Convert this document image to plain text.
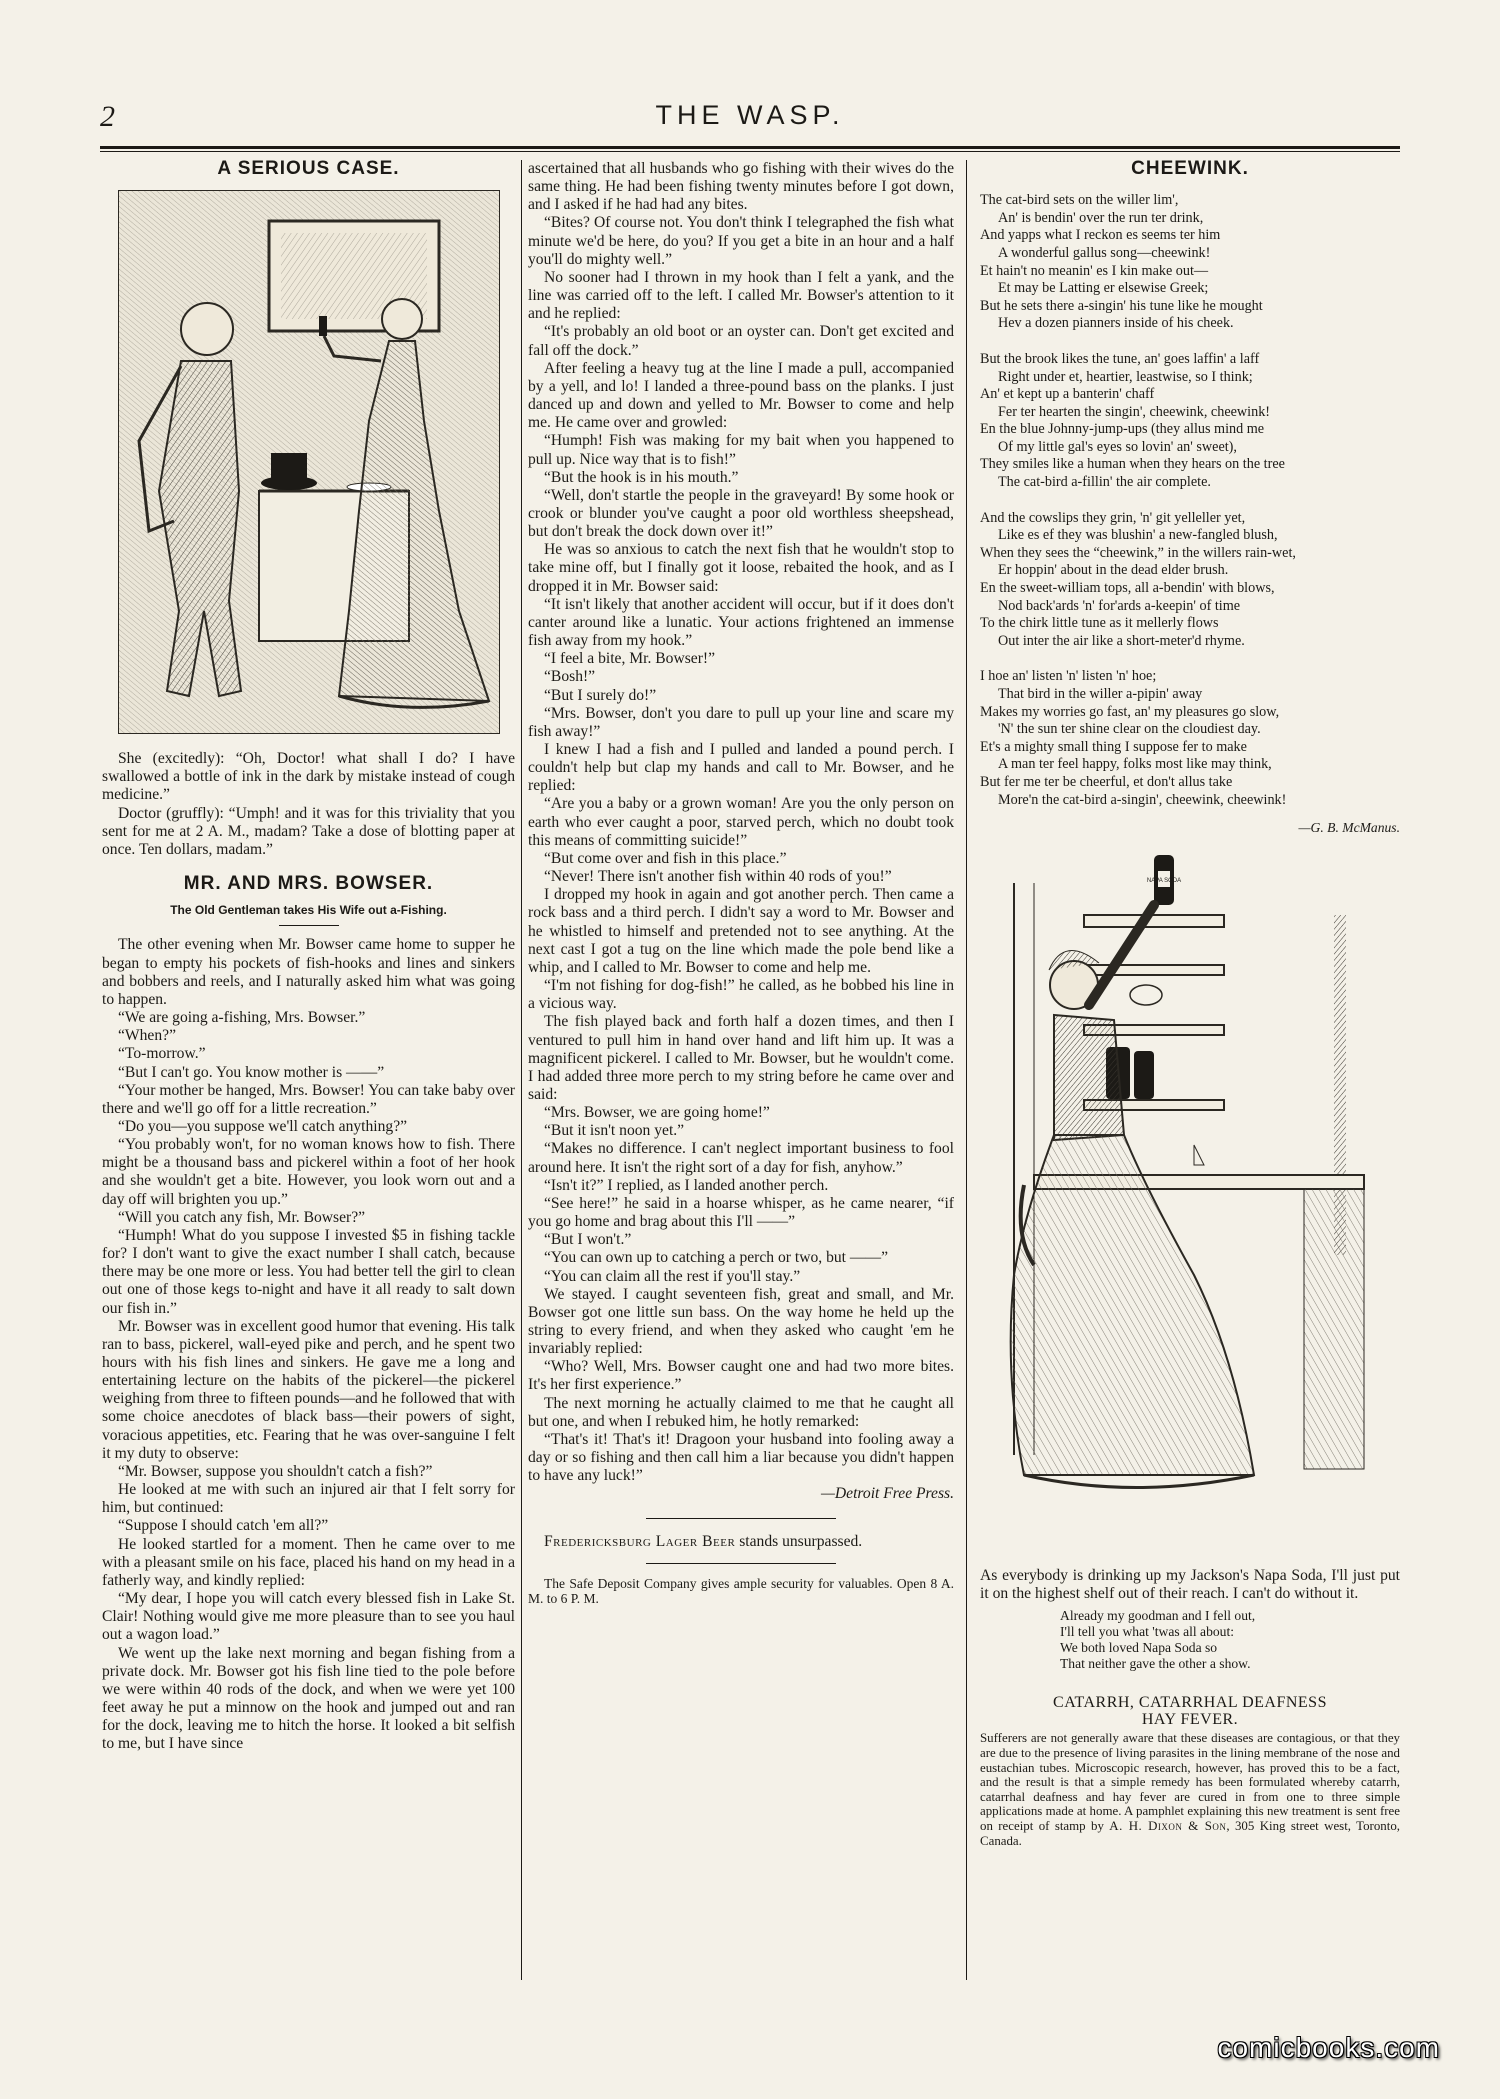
2	THE WASP.
A SERIOUS CASE.

She (excitedly): “Oh, Doctor! what shall I do? I have swallowed a bottle of ink in the dark by mistake instead of cough medicine.”

Doctor (gruffly): “Umph! and it was for this triviality that you sent for me at 2 A. M., madam? Take a dose of blotting paper at once. Ten dollars, madam.”

MR. AND MRS. BOWSER.
The Old Gentleman takes His Wife out a-Fishing.

The other evening when Mr. Bowser came home to supper he began to empty his pockets of fish-hooks and lines and sinkers and bobbers and reels, and I naturally asked him what was going to happen.

“We are going a-fishing, Mrs. Bowser.”

“When?”

“To-morrow.”

“But I can't go. You know mother is ——”

“Your mother be hanged, Mrs. Bowser! You can take baby over there and we'll go off for a little recreation.”

“Do you—you suppose we'll catch anything?”

“You probably won't, for no woman knows how to fish. There might be a thousand bass and pickerel within a foot of her hook and she wouldn't get a bite. However, you look worn out and a day off will brighten you up.”

“Will you catch any fish, Mr. Bowser?”

“Humph! What do you suppose I invested $5 in fishing tackle for? I don't want to give the exact number I shall catch, because there may be one more or less. You had better tell the girl to clean out one of those kegs to-night and have it all ready to salt down our fish in.”

Mr. Bowser was in excellent good humor that evening. His talk ran to bass, pickerel, wall-eyed pike and perch, and he spent two hours with his fish lines and sinkers. He gave me a long and entertaining lecture on the habits of the pickerel—the pickerel weighing from three to fifteen pounds—and he followed that with some choice anecdotes of black bass—their powers of sight, voracious appetities, etc. Fearing that he was over-sanguine I felt it my duty to observe:

“Mr. Bowser, suppose you shouldn't catch a fish?”

He looked at me with such an injured air that I felt sorry for him, but continued:

“Suppose I should catch 'em all?”

He looked startled for a moment. Then he came over to me with a pleasant smile on his face, placed his hand on my head in a fatherly way, and kindly replied:

“My dear, I hope you will catch every blessed fish in Lake St. Clair! Nothing would give me more pleasure than to see you haul out a wagon load.”

We went up the lake next morning and began fishing from a private dock. Mr. Bowser got his fish line tied to the pole before we were within 40 rods of the dock, and when we were yet 100 feet away he put a minnow on the hook and jumped out and ran for the dock, leaving me to hitch the horse. It looked a bit selfish to me, but I have since

ascertained that all husbands who go fishing with their wives do the same thing. He had been fishing twenty minutes before I got down, and I asked if he had had any bites.

“Bites? Of course not. You don't think I telegraphed the fish what minute we'd be here, do you? If you get a bite in an hour and a half you'll do mighty well.”

No sooner had I thrown in my hook than I felt a yank, and the line was carried off to the left. I called Mr. Bowser's attention to it and he replied:

“It's probably an old boot or an oyster can. Don't get excited and fall off the dock.”

After feeling a heavy tug at the line I made a pull, accompanied by a yell, and lo! I landed a three-pound bass on the planks. I just danced up and down and yelled to Mr. Bowser to come and help me. He came over and growled:

“Humph! Fish was making for my bait when you happened to pull up. Nice way that is to fish!”

“But the hook is in his mouth.”

“Well, don't startle the people in the graveyard! By some hook or crook or blunder you've caught a poor old worthless sheepshead, but don't break the dock down over it!”

He was so anxious to catch the next fish that he wouldn't stop to take mine off, but I finally got it loose, rebaited the hook, and as I dropped it in Mr. Bowser said:

“It isn't likely that another accident will occur, but if it does don't canter around like a lunatic. Your actions frightened an immense fish away from my hook.”

“I feel a bite, Mr. Bowser!”

“Bosh!”

“But I surely do!”

“Mrs. Bowser, don't you dare to pull up your line and scare my fish away!”

I knew I had a fish and I pulled and landed a pound perch. I couldn't help but clap my hands and call to Mr. Bowser, and he replied:

“Are you a baby or a grown woman! Are you the only person on earth who ever caught a poor, starved perch, which no doubt took this means of committing suicide!”

“But come over and fish in this place.”

“Never! There isn't another fish within 40 rods of you!”

I dropped my hook in again and got another perch. Then came a rock bass and a third perch. I didn't say a word to Mr. Bowser and he whistled to himself and pretended not to see anything. At the next cast I got a tug on the line which made the pole bend like a whip, and I called to Mr. Bowser to come and help me.

“I'm not fishing for dog-fish!” he called, as he bobbed his line in a vicious way.

The fish played back and forth half a dozen times, and then I ventured to pull him in hand over hand and lift him up. It was a magnificent pickerel. I called to Mr. Bowser, but he wouldn't come. I had added three more perch to my string before he came over and said:

“Mrs. Bowser, we are going home!”

“But it isn't noon yet.”

“Makes no difference. I can't neglect important business to fool around here. It isn't the right sort of a day for fish, anyhow.”

“Isn't it?” I replied, as I landed another perch.

“See here!” he said in a hoarse whisper, as he came nearer, “if you go home and brag about this I'll ——”

“But I won't.”

“You can own up to catching a perch or two, but ——”

“You can claim all the rest if you'll stay.”

We stayed. I caught seventeen fish, great and small, and Mr. Bowser got one little sun bass. On the way home he held up the string to every friend, and when they asked who caught 'em he invariably replied:

“Who? Well, Mrs. Bowser caught one and had two more bites. It's her first experience.”

The next morning he actually claimed to me that he caught all but one, and when I rebuked him, he hotly remarked:

“That's it! That's it! Dragoon your husband into fooling away a day or so fishing and then call him a liar because you didn't happen to have any luck!”

—Detroit Free Press.

Fredericksburg Lager Beer stands unsurpassed.

The Safe Deposit Company gives ample security for valuables. Open 8 A. M. to 6 P. M.

CHEEWINK.
The cat-bird sets on the willer lim',
An' is bendin' over the run ter drink,
And yapps what I reckon es seems ter him
A wonderful gallus song—cheewink!
Et hain't no meanin' es I kin make out—
Et may be Latting er elsewise Greek;
But he sets there a-singin' his tune like he mought
Hev a dozen pianners inside of his cheek.
But the brook likes the tune, an' goes laffin' a laff
Right under et, heartier, leastwise, so I think;
An' et kept up a banterin' chaff
Fer ter hearten the singin', cheewink, cheewink!
En the blue Johnny-jump-ups (they allus mind me
Of my little gal's eyes so lovin' an' sweet),
They smiles like a human when they hears on the tree
The cat-bird a-fillin' the air complete.
And the cowslips they grin, 'n' git yelleller yet,
Like es ef they was blushin' a new-fangled blush,
When they sees the “cheewink,” in the willers rain-wet,
Er hoppin' about in the dead elder brush.
En the sweet-william tops, all a-bendin' with blows,
Nod back'ards 'n' for'ards a-keepin' of time
To the chirk little tune as it mellerly flows
Out inter the air like a short-meter'd rhyme.
I hoe an' listen 'n' listen 'n' hoe;
That bird in the willer a-pipin' away
Makes my worries go fast, an' my pleasures go slow,
'N' the sun ter shine clear on the cloudiest day.
Et's a mighty small thing I suppose fer to make
A man ter feel happy, folks most like may think,
But fer me ter be cheerful, et don't allus take
More'n the cat-bird a-singin', cheewink, cheewink!
—G. B. McManus.
NAPA SODA

As everybody is drinking up my Jackson's Napa Soda, I'll just put it on the highest shelf out of their reach. I can't do without it.

Already my goodman and I fell out,
I'll tell you what 'twas all about:
We both loved Napa Soda so
That neither gave the other a show.
CATARRH, CATARRHAL DEAFNESS
HAY FEVER.
Sufferers are not generally aware that these diseases are contagious, or that they are due to the presence of living parasites in the lining membrane of the nose and eustachian tubes. Microscopic research, however, has proved this to be a fact, and the result is that a simple remedy has been formulated whereby catarrh, catarrhal deafness and hay fever are cured in from one to three simple applications made at home. A pamphlet explaining this new treatment is sent free on receipt of stamp by A. H. Dixon & Son, 305 King street west, Toronto, Canada.
comicbooks.com
